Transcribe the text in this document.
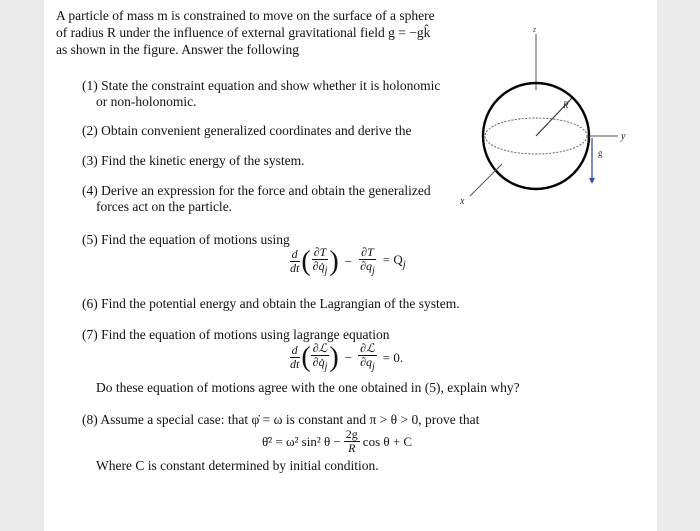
A particle of mass m is constrained to move on the surface of a sphere
of radius R under the influence of external gravitational field g = −gk̂
as shown in the figure. Answer the following
(1) State the constraint equation and show whether it is holonomic
or non-holonomic.
(2) Obtain convenient generalized coordinates and derive the
(3) Find the kinetic energy of the system.
(4) Derive an expression for the force and obtain the generalized
forces act on the particle.
(5) Find the equation of motions using
$\frac{d}{dt}$ ( $\frac{\partial T}{\partial q̇_j}$ ) − $\frac{\partial T}{\partial q_j} = Q_j$
(6) Find the potential energy and obtain the Lagrangian of the system.
(7) Find the equation of motions using lagrange equation
$\frac{d}{dt}$ ( $\frac{\text{∂ℒ}}{\partial q̇_j}$ ) − $\frac{\text{∂ℒ}}{\partial q_j} = 0$.
Do these equation of motions agree with the one obtained in (5), explain why?
(8) Assume a special case: that φ̇ = ω is constant and π > θ > 0, prove that
θ̇² = ω² sin² $\theta - \frac{2g}{R}$ cos θ + C
Where C is constant determined by initial condition.
z
y
x
R
g
